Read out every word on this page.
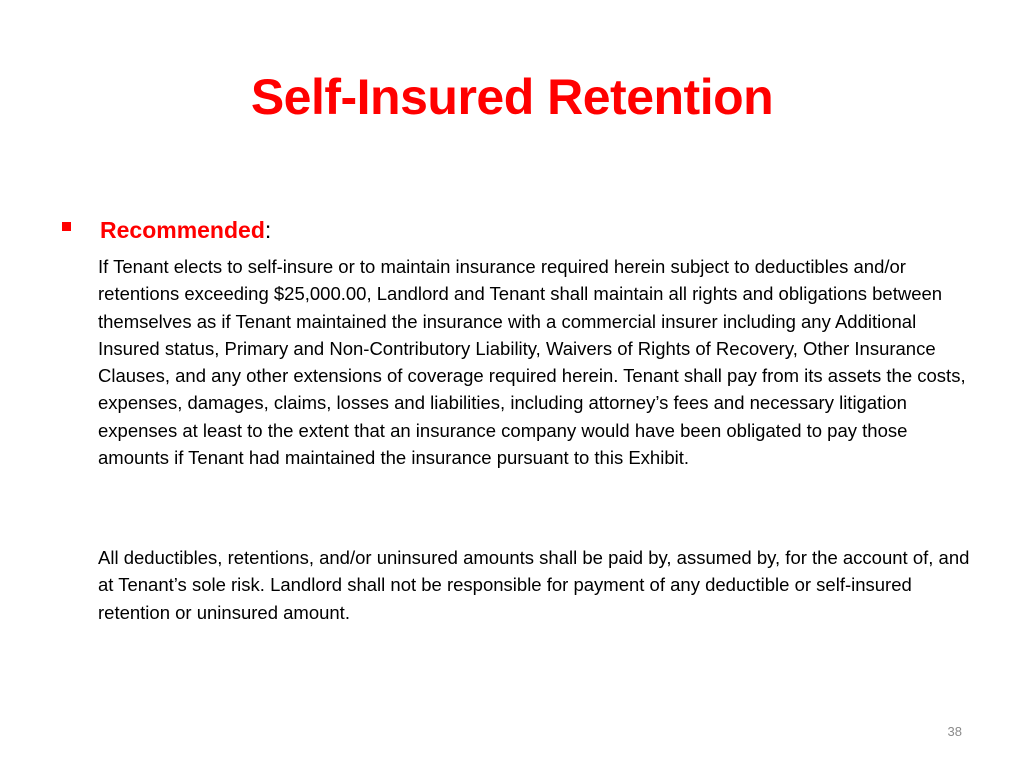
Self-Insured Retention
Recommended :

If Tenant elects to self-insure or to maintain insurance required herein subject to deductibles and/or retentions exceeding $25,000.00, Landlord and Tenant shall maintain all rights and obligations between themselves as if Tenant maintained the insurance with a commercial insurer including any Additional Insured status, Primary and Non-Contributory Liability, Waivers of Rights of Recovery, Other Insurance Clauses, and any other extensions of coverage required herein. Tenant shall pay from its assets the costs, expenses, damages, claims, losses and liabilities, including attorney’s fees and necessary litigation expenses at least to the extent that an insurance company would have been obligated to pay those amounts if Tenant had maintained the insurance pursuant to this Exhibit.

All deductibles, retentions, and/or uninsured amounts shall be paid by, assumed by, for the account of, and at Tenant’s sole risk. Landlord shall not be responsible for payment of any deductible or self-insured retention or uninsured amount.

38
